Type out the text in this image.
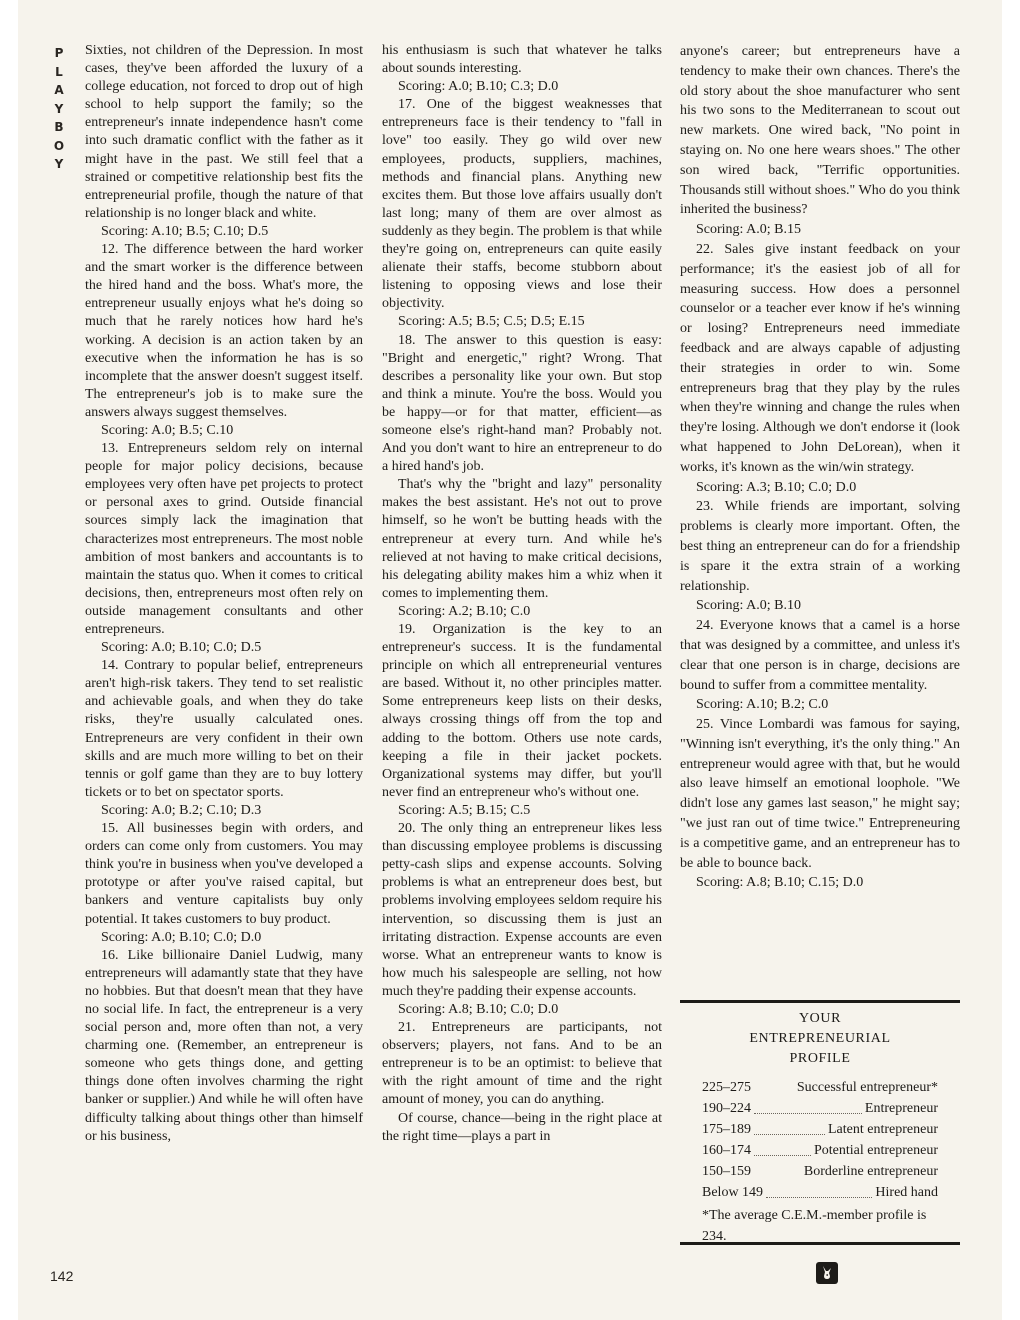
P
L
A
Y
B
O
Y

Sixties, not children of the Depression. In most cases, they've been afforded the luxury of a college education, not forced to drop out of high school to help support the family; so the entrepreneur's innate independence hasn't come into such dramatic conflict with the father as it might have in the past. We still feel that a strained or competitive relationship best fits the entrepreneurial profile, though the nature of that relationship is no longer black and white.

Scoring: A.10; B.5; C.10; D.5

12. The difference between the hard worker and the smart worker is the difference between the hired hand and the boss. What's more, the entrepreneur usually enjoys what he's doing so much that he rarely notices how hard he's working. A decision is an action taken by an executive when the information he has is so incomplete that the answer doesn't suggest itself. The entrepreneur's job is to make sure the answers always suggest themselves.

Scoring: A.0; B.5; C.10

13. Entrepreneurs seldom rely on internal people for major policy decisions, because employees very often have pet projects to protect or personal axes to grind. Outside financial sources simply lack the imagination that characterizes most entrepreneurs. The most noble ambition of most bankers and accountants is to maintain the status quo. When it comes to critical decisions, then, entrepreneurs most often rely on outside management consultants and other entrepreneurs.

Scoring: A.0; B.10; C.0; D.5

14. Contrary to popular belief, entrepreneurs aren't high-risk takers. They tend to set realistic and achievable goals, and when they do take risks, they're usually calculated ones. Entrepreneurs are very confident in their own skills and are much more willing to bet on their tennis or golf game than they are to buy lottery tickets or to bet on spectator sports.

Scoring: A.0; B.2; C.10; D.3

15. All businesses begin with orders, and orders can come only from customers. You may think you're in business when you've developed a prototype or after you've raised capital, but bankers and venture capitalists buy only potential. It takes customers to buy product.

Scoring: A.0; B.10; C.0; D.0

16. Like billionaire Daniel Ludwig, many entrepreneurs will adamantly state that they have no hobbies. But that doesn't mean that they have no social life. In fact, the entrepreneur is a very social person and, more often than not, a very charming one. (Remember, an entrepreneur is someone who gets things done, and getting things done often involves charming the right banker or supplier.) And while he will often have difficulty talking about things other than himself or his business,

his enthusiasm is such that whatever he talks about sounds interesting.

Scoring: A.0; B.10; C.3; D.0

17. One of the biggest weaknesses that entrepreneurs face is their tendency to "fall in love" too easily. They go wild over new employees, products, suppliers, machines, methods and financial plans. Anything new excites them. But those love affairs usually don't last long; many of them are over almost as suddenly as they begin. The problem is that while they're going on, entrepreneurs can quite easily alienate their staffs, become stubborn about listening to opposing views and lose their objectivity.

Scoring: A.5; B.5; C.5; D.5; E.15

18. The answer to this question is easy: "Bright and energetic," right? Wrong. That describes a personality like your own. But stop and think a minute. You're the boss. Would you be happy—or for that matter, efficient—as someone else's right-hand man? Probably not. And you don't want to hire an entrepreneur to do a hired hand's job.

That's why the "bright and lazy" personality makes the best assistant. He's not out to prove himself, so he won't be butting heads with the entrepreneur at every turn. And while he's relieved at not having to make critical decisions, his delegating ability makes him a whiz when it comes to implementing them.

Scoring: A.2; B.10; C.0

19. Organization is the key to an entrepreneur's success. It is the fundamental principle on which all entrepreneurial ventures are based. Without it, no other principles matter. Some entrepreneurs keep lists on their desks, always crossing things off from the top and adding to the bottom. Others use note cards, keeping a file in their jacket pockets. Organizational systems may differ, but you'll never find an entrepreneur who's without one.

Scoring: A.5; B.15; C.5

20. The only thing an entrepreneur likes less than discussing employee problems is discussing petty-cash slips and expense accounts. Solving problems is what an entrepreneur does best, but problems involving employees seldom require his intervention, so discussing them is just an irritating distraction. Expense accounts are even worse. What an entrepreneur wants to know is how much his salespeople are selling, not how much they're padding their expense accounts.

Scoring: A.8; B.10; C.0; D.0

21. Entrepreneurs are participants, not observers; players, not fans. And to be an entrepreneur is to be an optimist: to believe that with the right amount of time and the right amount of money, you can do anything.

Of course, chance—being in the right place at the right time—plays a part in

anyone's career; but entrepreneurs have a tendency to make their own chances. There's the old story about the shoe manufacturer who sent his two sons to the Mediterranean to scout out new markets. One wired back, "No point in staying on. No one here wears shoes." The other son wired back, "Terrific opportunities. Thousands still without shoes." Who do you think inherited the business?

Scoring: A.0; B.15

22. Sales give instant feedback on your performance; it's the easiest job of all for measuring success. How does a personnel counselor or a teacher ever know if he's winning or losing? Entrepreneurs need immediate feedback and are always capable of adjusting their strategies in order to win. Some entrepreneurs brag that they play by the rules when they're winning and change the rules when they're losing. Although we don't endorse it (look what happened to John DeLorean), when it works, it's known as the win/win strategy.

Scoring: A.3; B.10; C.0; D.0

23. While friends are important, solving problems is clearly more important. Often, the best thing an entrepreneur can do for a friendship is spare it the extra strain of a working relationship.

Scoring: A.0; B.10

24. Everyone knows that a camel is a horse that was designed by a committee, and unless it's clear that one person is in charge, decisions are bound to suffer from a committee mentality.

Scoring: A.10; B.2; C.0

25. Vince Lombardi was famous for saying, "Winning isn't everything, it's the only thing." An entrepreneur would agree with that, but he would also leave himself an emotional loophole. "We didn't lose any games last season," he might say; "we just ran out of time twice." Entrepreneuring is a competitive game, and an entrepreneur has to be able to bounce back.

Scoring: A.8; B.10; C.15; D.0

YOUR
ENTREPRENEURIAL
PROFILE
225–275	Successful entrepreneur*
190–224	Entrepreneur
175–189	Latent entrepreneur
160–174	Potential entrepreneur
150–159	Borderline entrepreneur
Below 149	Hired hand
*The average C.E.M.-member profile is 234.
142
